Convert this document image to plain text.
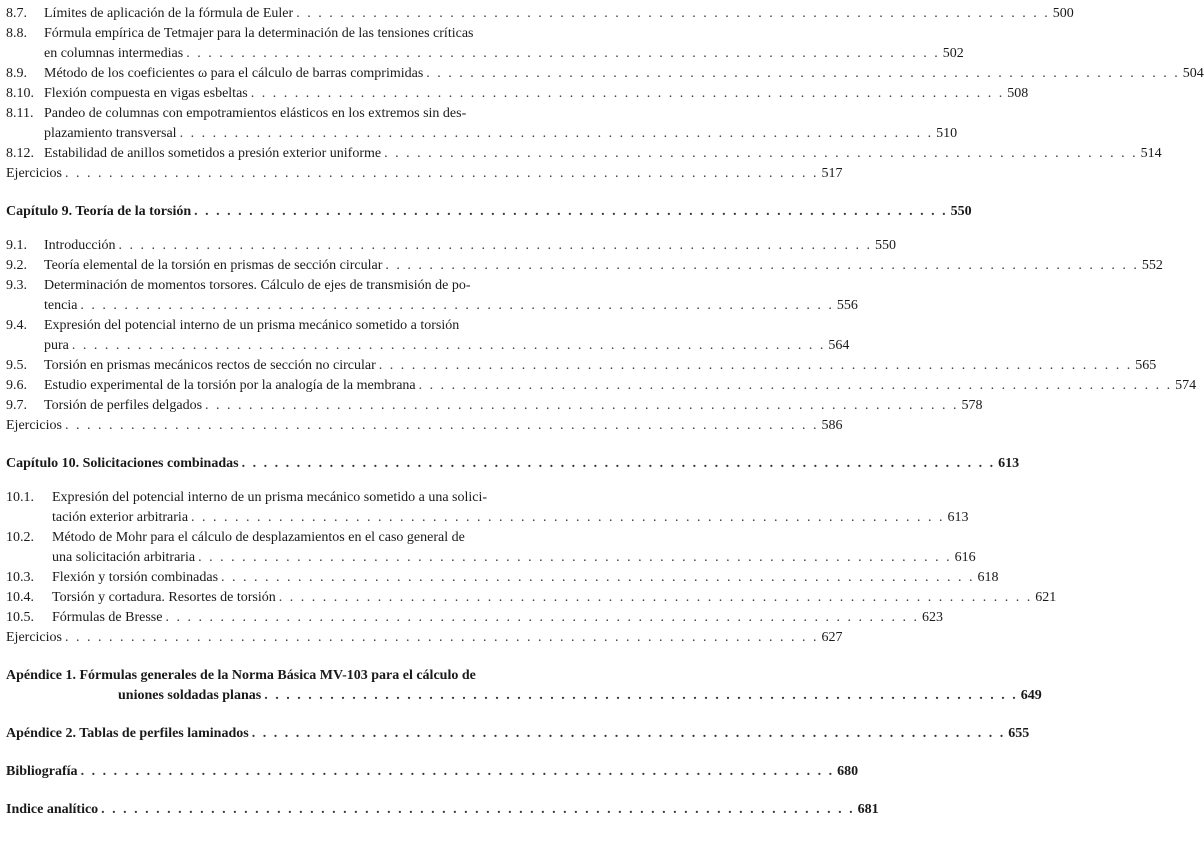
8.7.	Límites de aplicación de la fórmula de Euler . . . . . . . . . . . . . . . . . . . . . . . . . . . . . . . . . . . . . . . . . . . . . . . . . . . . . . . . . . . . . . . . . . . . . 500
8.8.	Fórmula empírica de Tetmajer para la determinación de las tensiones críticas
en columnas intermedias . . . . . . . . . . . . . . . . . . . . . . . . . . . . . . . . . . . . . . . . . . . . . . . . . . . . . . . . . . . . . . . . . . . . . 502
8.9.	Método de los coeficientes ω para el cálculo de barras comprimidas . . . . . . . . . . . . . . . . . . . . . . . . . . . . . . . . . . . . . . . . . . . . . . . . . . . . . . . . . . . . . . . . . . . . . 504
8.10. Flexión compuesta en vigas esbeltas . . . . . . . . . . . . . . . . . . . . . . . . . . . . . . . . . . . . . . . . . . . . . . . . . . . . . . . . . . . . . . . . . . . . . 508
8.11. Pandeo de columnas con empotramientos elásticos en los extremos sin des-
plazamiento transversal . . . . . . . . . . . . . . . . . . . . . . . . . . . . . . . . . . . . . . . . . . . . . . . . . . . . . . . . . . . . . . . . . . . . . 510
8.12. Estabilidad de anillos sometidos a presión exterior uniforme . . . . . . . . . . . . . . . . . . . . . . . . . . . . . . . . . . . . . . . . . . . . . . . . . . . . . . . . . . . . . . . . . . . . . 514
Ejercicios . . . . . . . . . . . . . . . . . . . . . . . . . . . . . . . . . . . . . . . . . . . . . . . . . . . . . . . . . . . . . . . . . . . . . 517
Capítulo 9. Teoría de la torsión . . . . . . . . . . . . . . . . . . . . . . . . . . . . . . . . . . . . . . . . . . . . . . . . . . . . . . . . . . . . . . . . . . . . . 550
9.1.	Introducción . . . . . . . . . . . . . . . . . . . . . . . . . . . . . . . . . . . . . . . . . . . . . . . . . . . . . . . . . . . . . . . . . . . . . 550
9.2.	Teoría elemental de la torsión en prismas de sección circular . . . . . . . . . . . . . . . . . . . . . . . . . . . . . . . . . . . . . . . . . . . . . . . . . . . . . . . . . . . . . . . . . . . . . 552
9.3.	Determinación de momentos torsores. Cálculo de ejes de transmisión de po-
tencia . . . . . . . . . . . . . . . . . . . . . . . . . . . . . . . . . . . . . . . . . . . . . . . . . . . . . . . . . . . . . . . . . . . . . 556
9.4.	Expresión del potencial interno de un prisma mecánico sometido a torsión
pura . . . . . . . . . . . . . . . . . . . . . . . . . . . . . . . . . . . . . . . . . . . . . . . . . . . . . . . . . . . . . . . . . . . . . 564
9.5.	Torsión en prismas mecánicos rectos de sección no circular . . . . . . . . . . . . . . . . . . . . . . . . . . . . . . . . . . . . . . . . . . . . . . . . . . . . . . . . . . . . . . . . . . . . . 565
9.6.	Estudio experimental de la torsión por la analogía de la membrana . . . . . . . . . . . . . . . . . . . . . . . . . . . . . . . . . . . . . . . . . . . . . . . . . . . . . . . . . . . . . . . . . . . . . 574
9.7.	Torsión de perfiles delgados . . . . . . . . . . . . . . . . . . . . . . . . . . . . . . . . . . . . . . . . . . . . . . . . . . . . . . . . . . . . . . . . . . . . . 578
Ejercicios . . . . . . . . . . . . . . . . . . . . . . . . . . . . . . . . . . . . . . . . . . . . . . . . . . . . . . . . . . . . . . . . . . . . . 586
Capítulo 10. Solicitaciones combinadas . . . . . . . . . . . . . . . . . . . . . . . . . . . . . . . . . . . . . . . . . . . . . . . . . . . . . . . . . . . . . . . . . . . . . 613
10.1.	Expresión del potencial interno de un prisma mecánico sometido a una solici-
tación exterior arbitraria . . . . . . . . . . . . . . . . . . . . . . . . . . . . . . . . . . . . . . . . . . . . . . . . . . . . . . . . . . . . . . . . . . . . . 613
10.2.	Método de Mohr para el cálculo de desplazamientos en el caso general de
una solicitación arbitraria . . . . . . . . . . . . . . . . . . . . . . . . . . . . . . . . . . . . . . . . . . . . . . . . . . . . . . . . . . . . . . . . . . . . . 616
10.3.	Flexión y torsión combinadas . . . . . . . . . . . . . . . . . . . . . . . . . . . . . . . . . . . . . . . . . . . . . . . . . . . . . . . . . . . . . . . . . . . . . 618
10.4.	Torsión y cortadura. Resortes de torsión . . . . . . . . . . . . . . . . . . . . . . . . . . . . . . . . . . . . . . . . . . . . . . . . . . . . . . . . . . . . . . . . . . . . . 621
10.5.	Fórmulas de Bresse . . . . . . . . . . . . . . . . . . . . . . . . . . . . . . . . . . . . . . . . . . . . . . . . . . . . . . . . . . . . . . . . . . . . . 623
Ejercicios . . . . . . . . . . . . . . . . . . . . . . . . . . . . . . . . . . . . . . . . . . . . . . . . . . . . . . . . . . . . . . . . . . . . . 627
Apéndice 1. Fórmulas generales de la Norma Básica MV-103 para el cálculo de
uniones soldadas planas . . . . . . . . . . . . . . . . . . . . . . . . . . . . . . . . . . . . . . . . . . . . . . . . . . . . . . . . . . . . . . . . . . . . . 649
Apéndice 2. Tablas de perfiles laminados . . . . . . . . . . . . . . . . . . . . . . . . . . . . . . . . . . . . . . . . . . . . . . . . . . . . . . . . . . . . . . . . . . . . . 655
Bibliografía . . . . . . . . . . . . . . . . . . . . . . . . . . . . . . . . . . . . . . . . . . . . . . . . . . . . . . . . . . . . . . . . . . . . . 680
Indice analítico . . . . . . . . . . . . . . . . . . . . . . . . . . . . . . . . . . . . . . . . . . . . . . . . . . . . . . . . . . . . . . . . . . . . . 681
